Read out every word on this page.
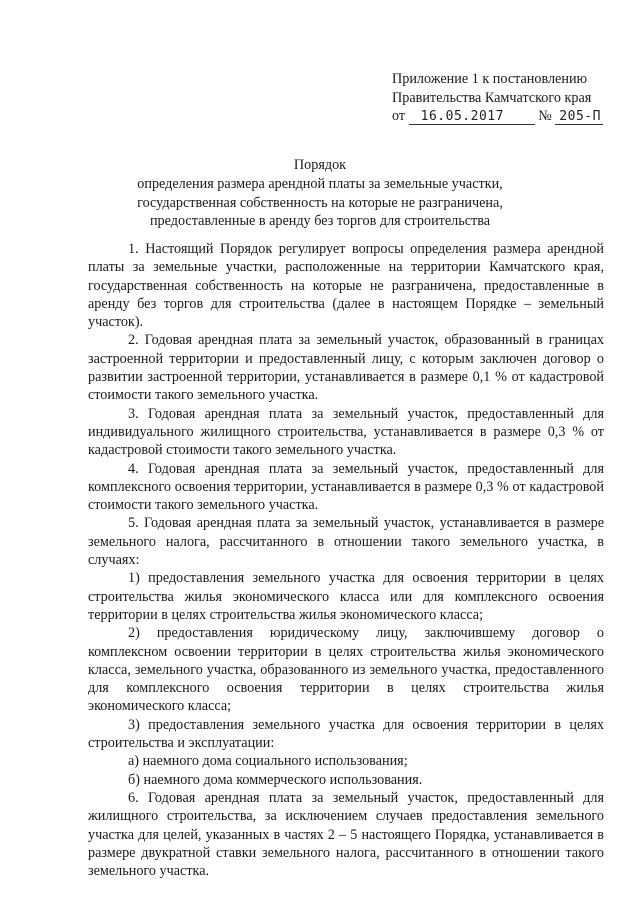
Приложение 1 к постановлению
Правительства Камчатского края
от 16.05.2017 № 205-П
Порядок
определения размера арендной платы за земельные участки, государственная собственность на которые не разграничена, предоставленные в аренду без торгов для строительства

1. Настоящий Порядок регулирует вопросы определения размера арендной платы за земельные участки, расположенные на территории Камчатского края, государственная собственность на которые не разграничена, предоставленные в аренду без торгов для строительства (далее в настоящем Порядке – земельный участок).

2. Годовая арендная плата за земельный участок, образованный в границах застроенной территории и предоставленный лицу, с которым заключен договор о развитии застроенной территории, устанавливается в размере 0,1 % от кадастровой стоимости такого земельного участка.

3. Годовая арендная плата за земельный участок, предоставленный для индивидуального жилищного строительства, устанавливается в размере 0,3 % от кадастровой стоимости такого земельного участка.

4. Годовая арендная плата за земельный участок, предоставленный для комплексного освоения территории, устанавливается в размере 0,3 % от кадастровой стоимости такого земельного участка.

5. Годовая арендная плата за земельный участок, устанавливается в размере земельного налога, рассчитанного в отношении такого земельного участка, в случаях:

1) предоставления земельного участка для освоения территории в целях строительства жилья экономического класса или для комплексного освоения территории в целях строительства жилья экономического класса;

2) предоставления юридическому лицу, заключившему договор о комплексном освоении территории в целях строительства жилья экономического класса, земельного участка, образованного из земельного участка, предоставленного для комплексного освоения территории в целях строительства жилья экономического класса;

3) предоставления земельного участка для освоения территории в целях строительства и эксплуатации:

а) наемного дома социального использования;

б) наемного дома коммерческого использования.

6. Годовая арендная плата за земельный участок, предоставленный для жилищного строительства, за исключением случаев предоставления земельного участка для целей, указанных в частях 2 – 5 настоящего Порядка, устанавливается в размере двукратной ставки земельного налога, рассчитанного в отношении такого земельного участка.
